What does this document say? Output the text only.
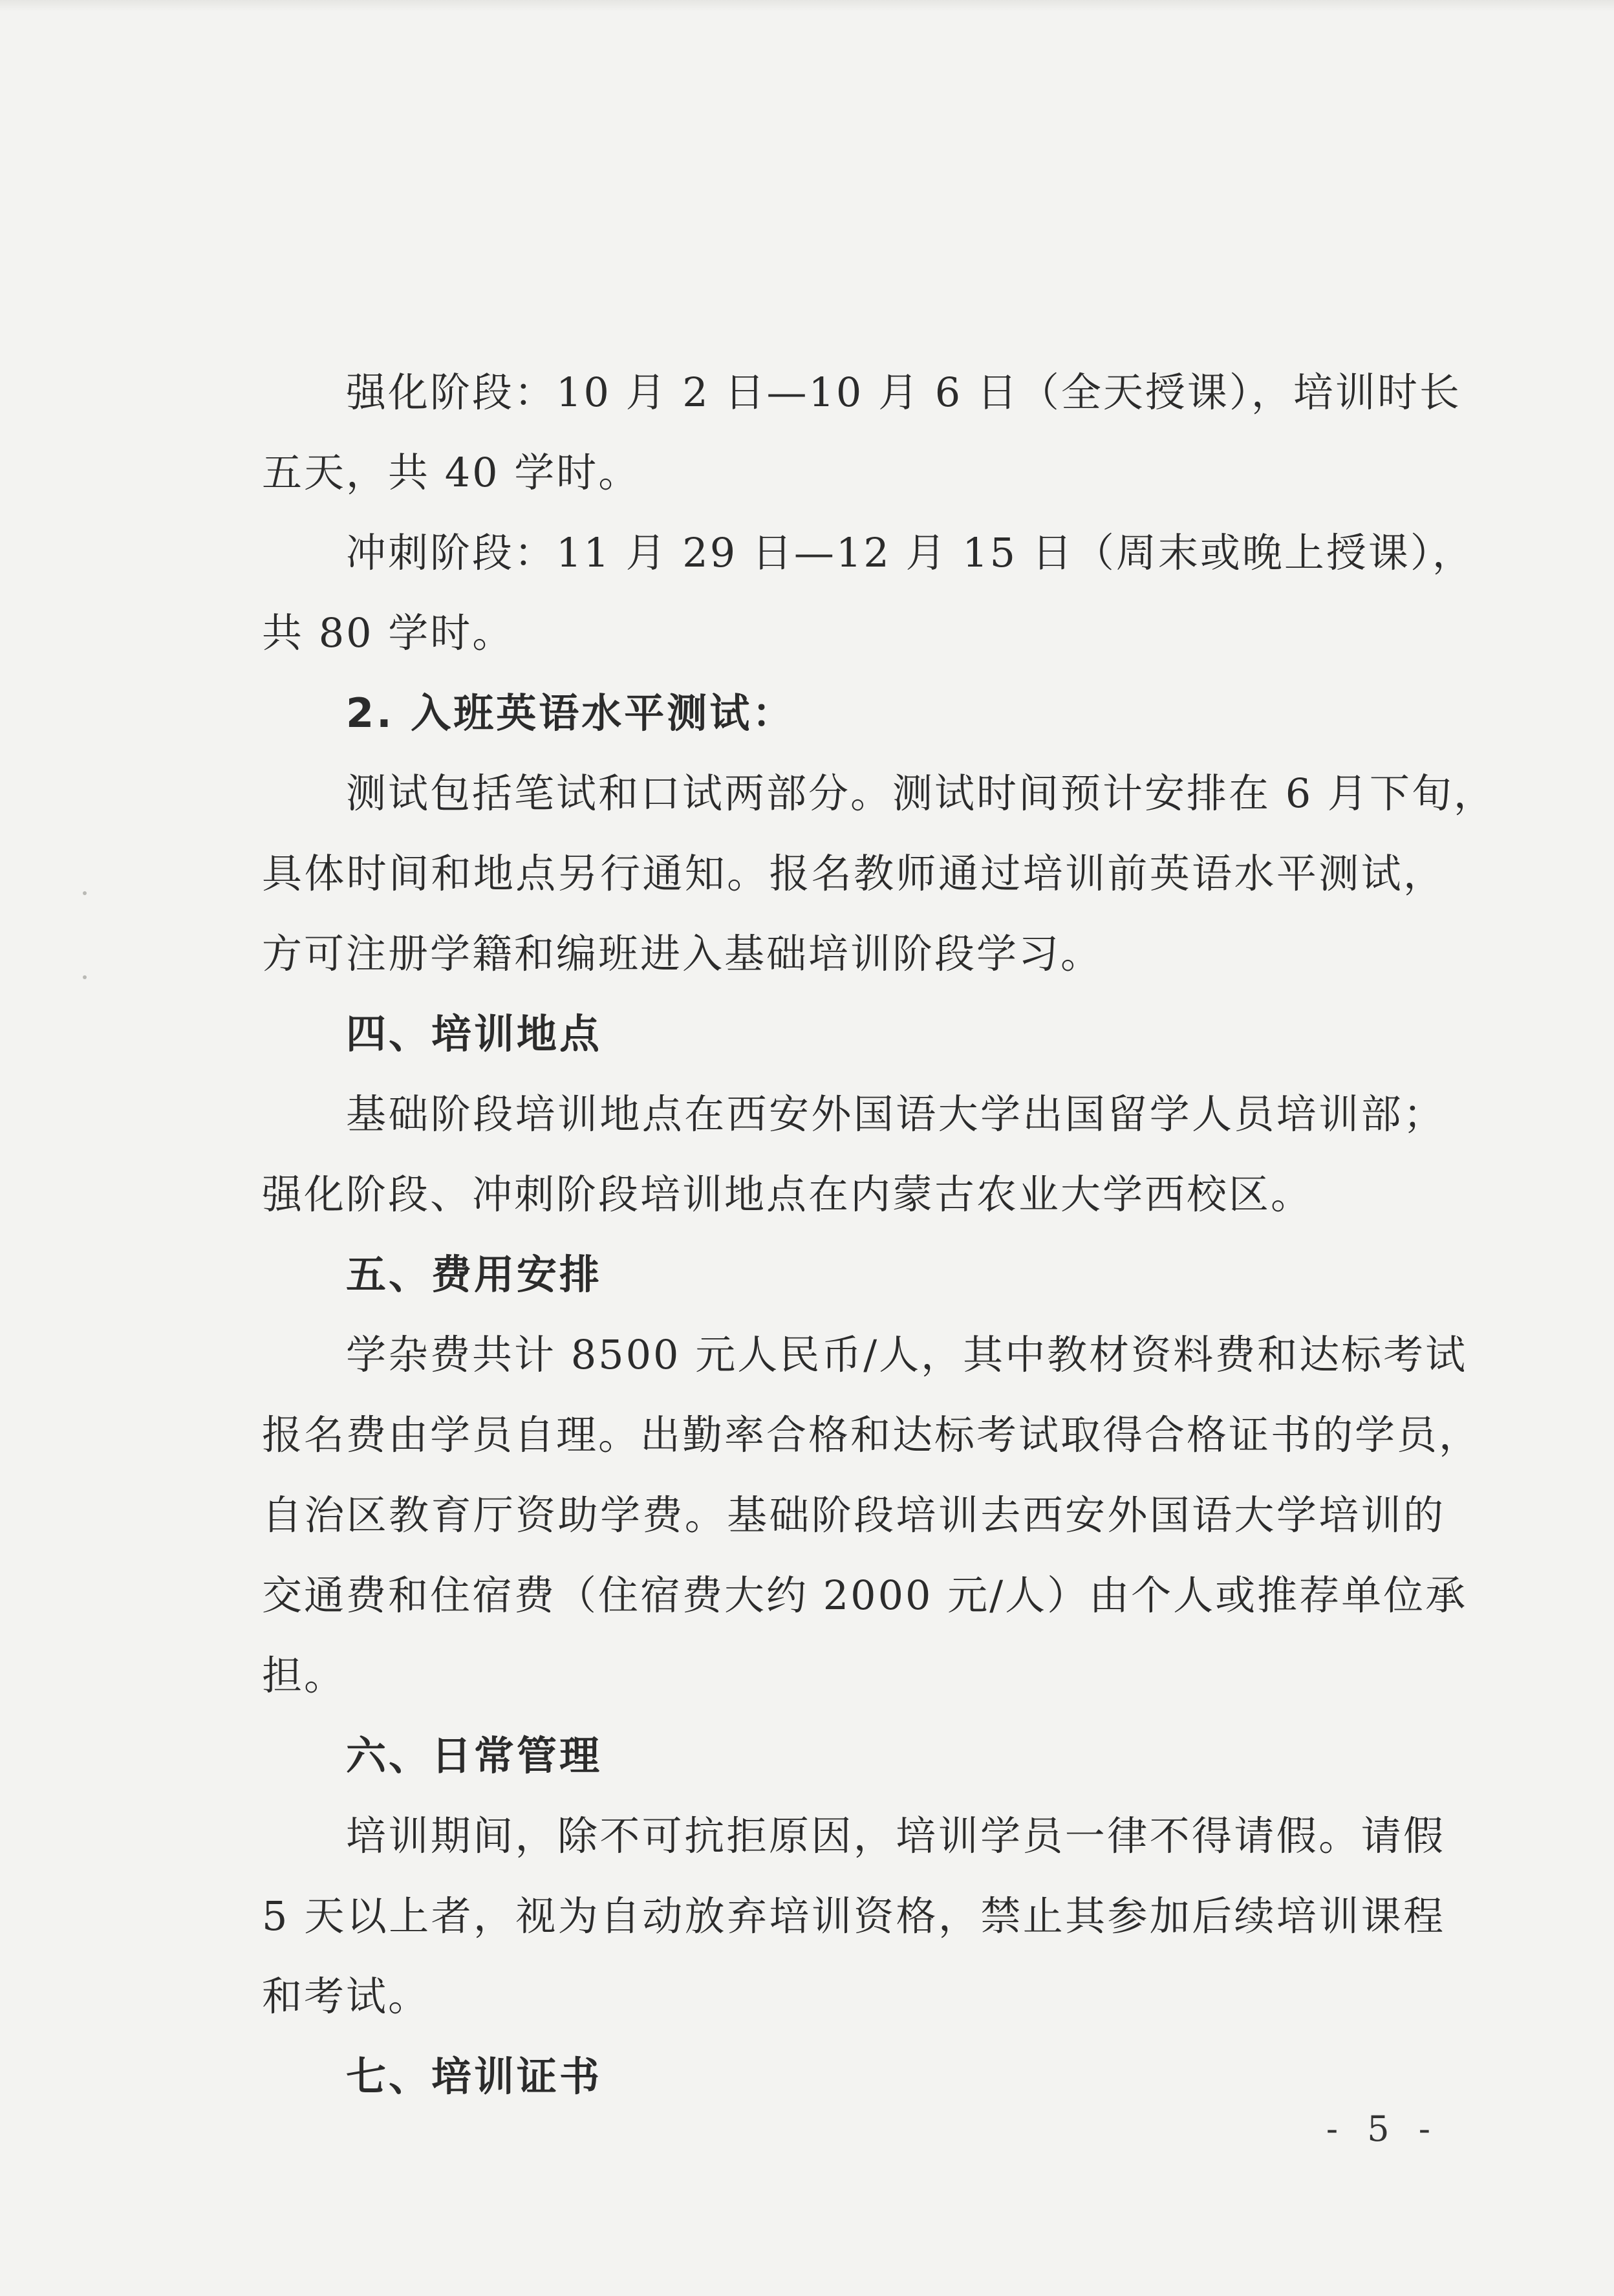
强化阶段：10 月 2 日—10 月 6 日（全天授课），培训时长
五天，共 40 学时。
冲刺阶段：11 月 29 日—12 月 15 日（周末或晚上授课），
共 80 学时。
2. 入班英语水平测试：
测试包括笔试和口试两部分。测试时间预计安排在 6 月下旬，
具体时间和地点另行通知。报名教师通过培训前英语水平测试，
方可注册学籍和编班进入基础培训阶段学习。
四、培训地点
基础阶段培训地点在西安外国语大学出国留学人员培训部；
强化阶段、冲刺阶段培训地点在内蒙古农业大学西校区。
五、费用安排
学杂费共计 8500 元人民币/人，其中教材资料费和达标考试
报名费由学员自理。出勤率合格和达标考试取得合格证书的学员，
自治区教育厅资助学费。基础阶段培训去西安外国语大学培训的
交通费和住宿费（住宿费大约 2000 元/人）由个人或推荐单位承
担。
六、日常管理
培训期间，除不可抗拒原因，培训学员一律不得请假。请假
5 天以上者，视为自动放弃培训资格，禁止其参加后续培训课程
和考试。
七、培训证书
- 5 -
